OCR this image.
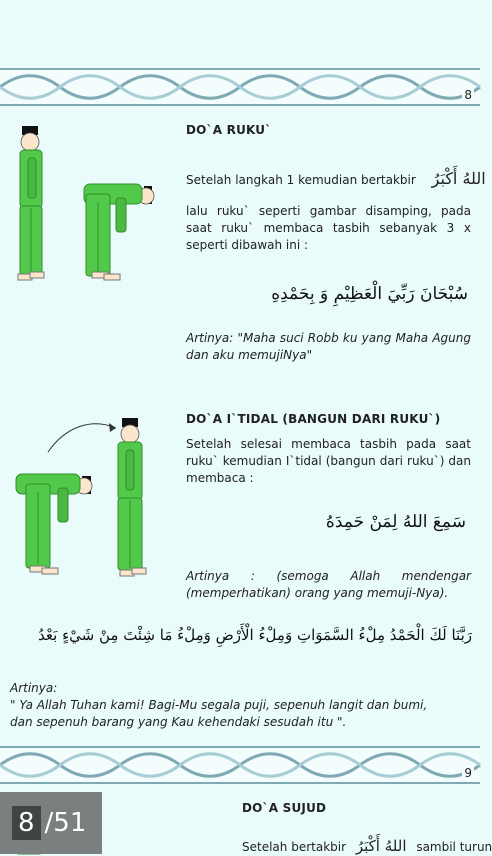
8
DO`A RUKU`
Setelah langkah 1 kemudian bertakbir اللهُ أَكْبَرُ
lalu ruku` seperti gambar disamping, pada saat ruku` membaca tasbih sebanyak 3 x seperti dibawah ini :
سُبْحَانَ رَبِّيَ الْعَظِيْمِ وَ بِحَمْدِهِ
Artinya: "Maha suci Robb ku yang Maha Agung dan aku memujiNya"
DO`A I`TIDAL (BANGUN DARI RUKU`)
Setelah selesai membaca tasbih pada saat ruku` kemudian I`tidal (bangun dari ruku`) dan membaca :
سَمِعَ اللهُ لِمَنْ حَمِدَهُ
Artinya : (semoga Allah mendengar (memperhatikan) orang yang memuji-Nya).
رَبَّنَا لَكَ الْحَمْدُ مِلْءُ السَّمَوَاتِ وَمِلْءُ الْأَرْضِ وَمِلْءُ مَا شِئْتَ مِنْ شَيْءٍ بَعْدُ
Artinya:
" Ya Allah Tuhan kami! Bagi-Mu segala puji, sepenuh langit dan bumi, dan sepenuh barang yang Kau kehendaki sesudah itu ".
9
DO`A SUJUD
Setelah bertakbir اللهُ أَكْبَرُ sambil turun
8 /51
